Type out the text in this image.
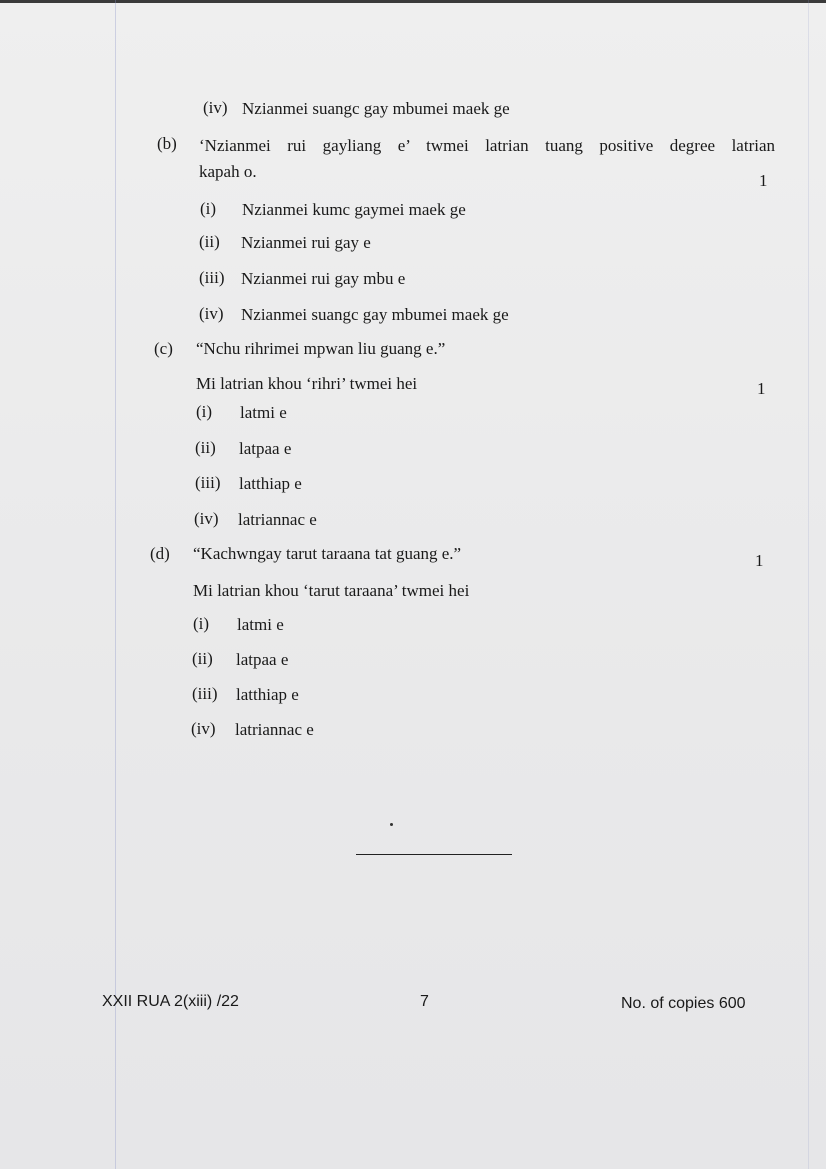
(iv) Nzianmei suangc gay mbumei maek ge
(b) ‘Nzianmei rui gayliang e’ twmei latrian tuang positive degree latrian
kapah o.	1
(i) Nzianmei kumc gaymei maek ge
(ii) Nzianmei rui gay e
(iii) Nzianmei rui gay mbu e
(iv) Nzianmei suangc gay mbumei maek ge
(c) “Nchu rihrimei mpwan liu guang e.”
Mi latrian khou ‘rihri’ twmei hei	1
(i) latmi e
(ii) latpaa e
(iii) latthiap e
(iv) latriannac e
(d) “Kachwngay tarut taraana tat guang e.”	1
Mi latrian khou ‘tarut taraana’ twmei hei
(i) latmi e
(ii) latpaa e
(iii) latthiap e
(iv) latriannac e
XXII RUA 2(xiii) /22	7	No. of copies 600
